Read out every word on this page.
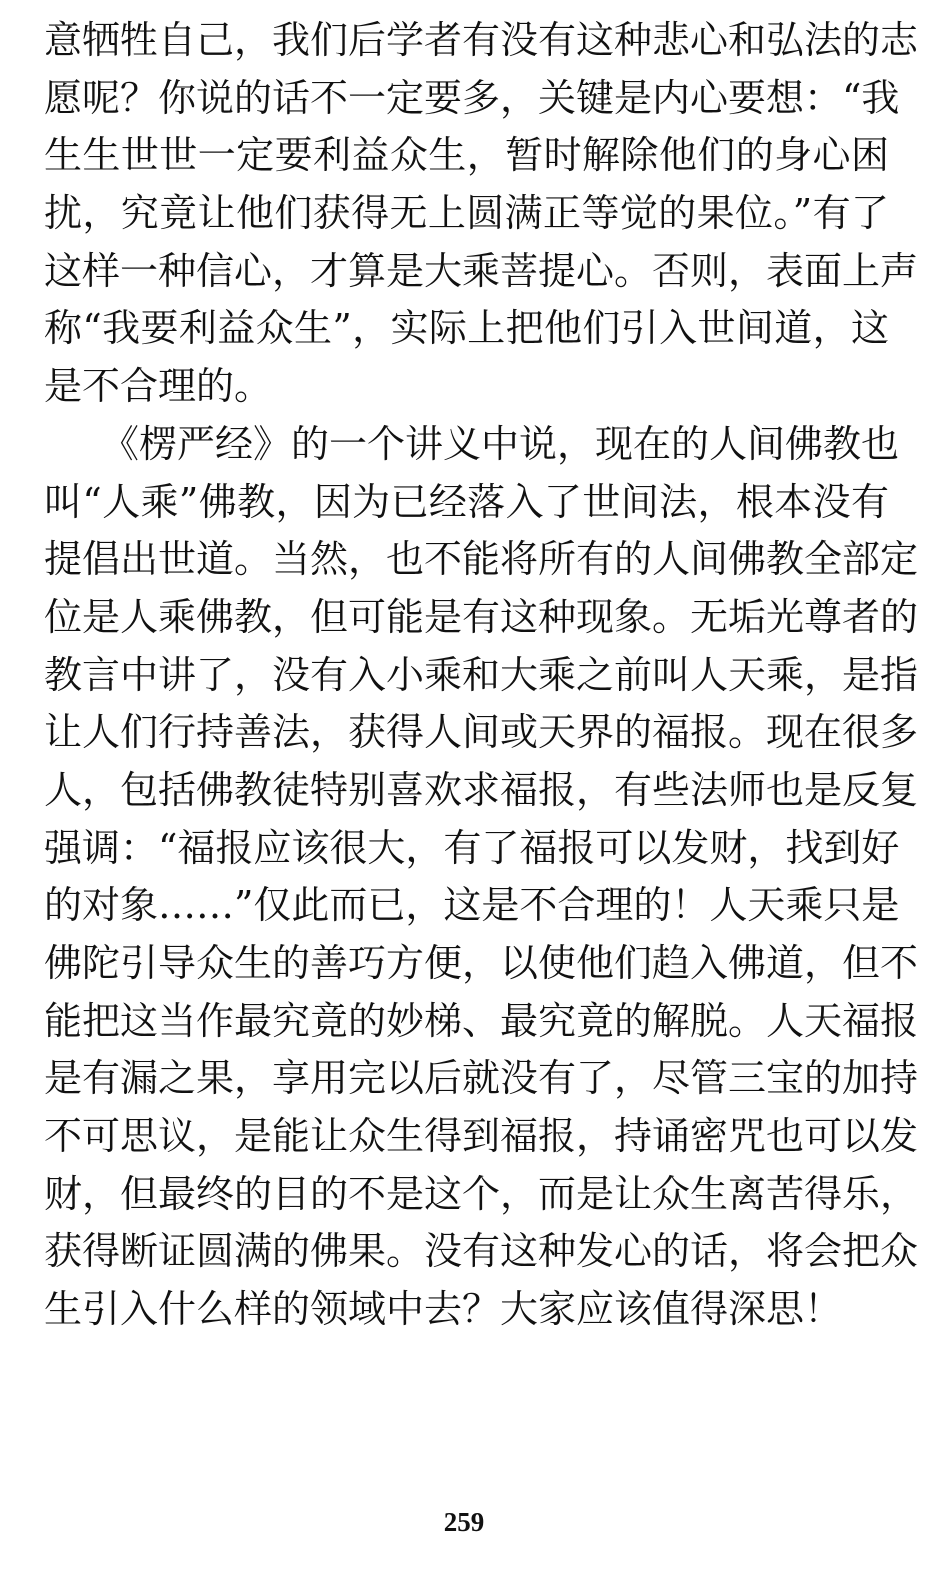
意牺牲自己，我们后学者有没有这种悲心和弘法的志
愿呢？你说的话不一定要多，关键是内心要想：“我
生生世世一定要利益众生，暂时解除他们的身心困
扰，究竟让他们获得无上圆满正等觉的果位。”有了
这样一种信心，才算是大乘菩提心。否则，表面上声
称“我要利益众生”，实际上把他们引入世间道，这
是不合理的。
　　《楞严经》的一个讲义中说，现在的人间佛教也
叫“人乘”佛教，因为已经落入了世间法，根本没有
提倡出世道。当然，也不能将所有的人间佛教全部定
位是人乘佛教，但可能是有这种现象。无垢光尊者的
教言中讲了，没有入小乘和大乘之前叫人天乘，是指
让人们行持善法，获得人间或天界的福报。现在很多
人，包括佛教徒特别喜欢求福报，有些法师也是反复
强调：“福报应该很大，有了福报可以发财，找到好
的对象……”仅此而已，这是不合理的！人天乘只是
佛陀引导众生的善巧方便，以使他们趋入佛道，但不
能把这当作最究竟的妙梯、最究竟的解脱。人天福报
是有漏之果，享用完以后就没有了，尽管三宝的加持
不可思议，是能让众生得到福报，持诵密咒也可以发
财，但最终的目的不是这个，而是让众生离苦得乐，
获得断证圆满的佛果。没有这种发心的话，将会把众
生引入什么样的领域中去？大家应该值得深思！
259
